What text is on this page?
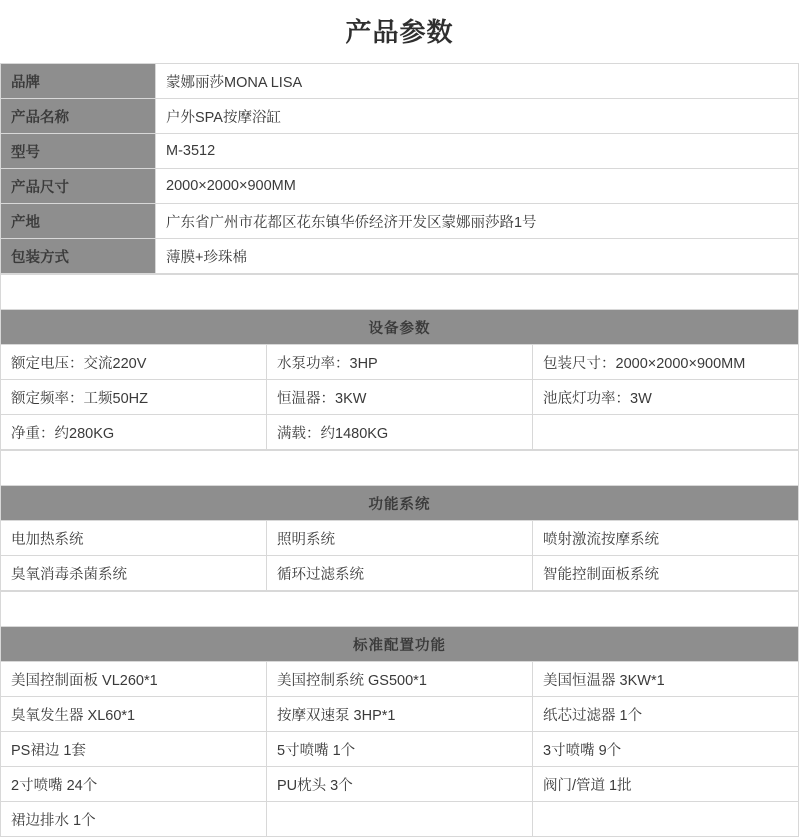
产品参数
品牌	蒙娜丽莎MONA LISA
产品名称	户外SPA按摩浴缸
型号	M-3512
产品尺寸	2000×2000×900MM
产地	广东省广州市花都区花东镇华侨经济开发区蒙娜丽莎路1号
包装方式	薄膜+珍珠棉

设备参数		
额定电压：交流220V	水泵功率：3HP	包装尺寸：2000×2000×900MM
额定频率：工频50HZ	恒温器：3KW	池底灯功率：3W
净重：约280KG	满载：约1480KG	

功能系统		
电加热系统	照明系统	喷射激流按摩系统
臭氧消毒杀菌系统	循环过滤系统	智能控制面板系统

标准配置功能		
美国控制面板 VL260*1	美国控制系统 GS500*1	美国恒温器 3KW*1
臭氧发生器 XL60*1	按摩双速泵 3HP*1	纸芯过滤器 1个
PS裙边 1套	5寸喷嘴 1个	3寸喷嘴 9个
2寸喷嘴 24个	PU枕头 3个	阀门/管道 1批
裙边排水 1个		
